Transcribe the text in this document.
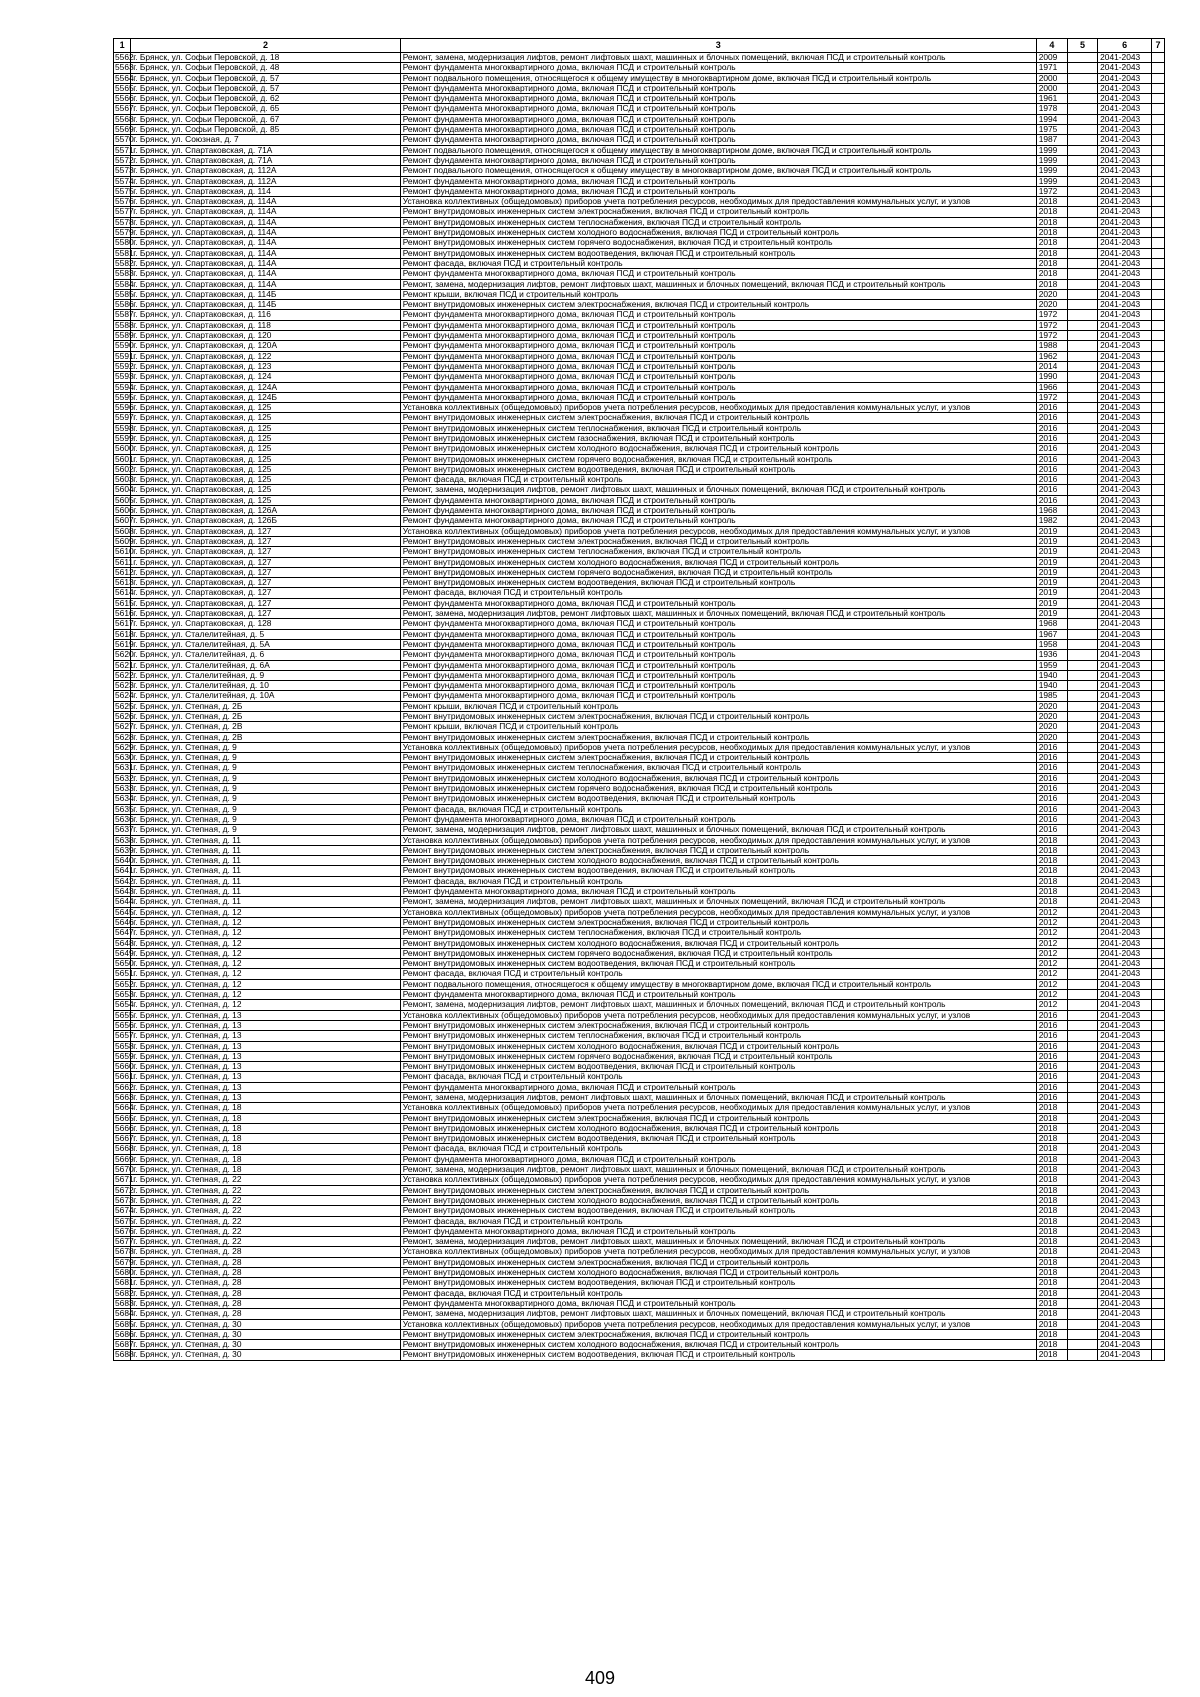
1	2	3	4	5	6	7
5562	г. Брянск, ул. Софьи Перовской, д. 18	Ремонт, замена, модернизация лифтов, ремонт лифтовых шахт, машинных и блочных помещений, включая ПСД и строительный контроль	2009		2041-2043	
5563	г. Брянск, ул. Софьи Перовской, д. 48	Ремонт фундамента многоквартирного дома, включая ПСД и строительный контроль	1971		2041-2043	
5564	г. Брянск, ул. Софьи Перовской, д. 57	Ремонт подвального помещения, относящегося к общему имуществу в многоквартирном доме, включая ПСД и строительный контроль	2000		2041-2043	
5565	г. Брянск, ул. Софьи Перовской, д. 57	Ремонт фундамента многоквартирного дома, включая ПСД и строительный контроль	2000		2041-2043	
5566	г. Брянск, ул. Софьи Перовской, д. 62	Ремонт фундамента многоквартирного дома, включая ПСД и строительный контроль	1961		2041-2043	
5567	г. Брянск, ул. Софьи Перовской, д. 65	Ремонт фундамента многоквартирного дома, включая ПСД и строительный контроль	1978		2041-2043	
5568	г. Брянск, ул. Софьи Перовской, д. 67	Ремонт фундамента многоквартирного дома, включая ПСД и строительный контроль	1994		2041-2043	
5569	г. Брянск, ул. Софьи Перовской, д. 85	Ремонт фундамента многоквартирного дома, включая ПСД и строительный контроль	1975		2041-2043	
5570	г. Брянск, ул. Союзная, д. 7	Ремонт фундамента многоквартирного дома, включая ПСД и строительный контроль	1987		2041-2043	
5571	г. Брянск, ул. Спартаковская, д. 71А	Ремонт подвального помещения, относящегося к общему имуществу в многоквартирном доме, включая ПСД и строительный контроль	1999		2041-2043	
5572	г. Брянск, ул. Спартаковская, д. 71А	Ремонт фундамента многоквартирного дома, включая ПСД и строительный контроль	1999		2041-2043	
5573	г. Брянск, ул. Спартаковская, д. 112А	Ремонт подвального помещения, относящегося к общему имуществу в многоквартирном доме, включая ПСД и строительный контроль	1999		2041-2043	
5574	г. Брянск, ул. Спартаковская, д. 112А	Ремонт фундамента многоквартирного дома, включая ПСД и строительный контроль	1999		2041-2043	
5575	г. Брянск, ул. Спартаковская, д. 114	Ремонт фундамента многоквартирного дома, включая ПСД и строительный контроль	1972		2041-2043	
5576	г. Брянск, ул. Спартаковская, д. 114А	Установка коллективных (общедомовых) приборов учета потребления ресурсов, необходимых для предоставления коммунальных услуг, и узлов	2018		2041-2043	
5577	г. Брянск, ул. Спартаковская, д. 114А	Ремонт внутридомовых инженерных систем электроснабжения, включая ПСД и строительный контроль	2018		2041-2043	
5578	г. Брянск, ул. Спартаковская, д. 114А	Ремонт внутридомовых инженерных систем теплоснабжения, включая ПСД и строительный контроль	2018		2041-2043	
5579	г. Брянск, ул. Спартаковская, д. 114А	Ремонт внутридомовых инженерных систем холодного водоснабжения, включая ПСД и строительный контроль	2018		2041-2043	
5580	г. Брянск, ул. Спартаковская, д. 114А	Ремонт внутридомовых инженерных систем горячего водоснабжения, включая ПСД и строительный контроль	2018		2041-2043	
5581	г. Брянск, ул. Спартаковская, д. 114А	Ремонт внутридомовых инженерных систем водоотведения, включая ПСД и строительный контроль	2018		2041-2043	
5582	г. Брянск, ул. Спартаковская, д. 114А	Ремонт фасада, включая ПСД и строительный контроль	2018		2041-2043	
5583	г. Брянск, ул. Спартаковская, д. 114А	Ремонт фундамента многоквартирного дома, включая ПСД и строительный контроль	2018		2041-2043	
5584	г. Брянск, ул. Спартаковская, д. 114А	Ремонт, замена, модернизация лифтов, ремонт лифтовых шахт, машинных и блочных помещений, включая ПСД и строительный контроль	2018		2041-2043	
5585	г. Брянск, ул. Спартаковская, д. 114Б	Ремонт крыши, включая ПСД и строительный контроль	2020		2041-2043	
5586	г. Брянск, ул. Спартаковская, д. 114Б	Ремонт внутридомовых инженерных систем электроснабжения, включая ПСД и строительный контроль	2020		2041-2043	
5587	г. Брянск, ул. Спартаковская, д. 116	Ремонт фундамента многоквартирного дома, включая ПСД и строительный контроль	1972		2041-2043	
5588	г. Брянск, ул. Спартаковская, д. 118	Ремонт фундамента многоквартирного дома, включая ПСД и строительный контроль	1972		2041-2043	
5589	г. Брянск, ул. Спартаковская, д. 120	Ремонт фундамента многоквартирного дома, включая ПСД и строительный контроль	1972		2041-2043	
5590	г. Брянск, ул. Спартаковская, д. 120А	Ремонт фундамента многоквартирного дома, включая ПСД и строительный контроль	1988		2041-2043	
5591	г. Брянск, ул. Спартаковская, д. 122	Ремонт фундамента многоквартирного дома, включая ПСД и строительный контроль	1962		2041-2043	
5592	г. Брянск, ул. Спартаковская, д. 123	Ремонт фундамента многоквартирного дома, включая ПСД и строительный контроль	2014		2041-2043	
5593	г. Брянск, ул. Спартаковская, д. 124	Ремонт фундамента многоквартирного дома, включая ПСД и строительный контроль	1990		2041-2043	
5594	г. Брянск, ул. Спартаковская, д. 124А	Ремонт фундамента многоквартирного дома, включая ПСД и строительный контроль	1966		2041-2043	
5595	г. Брянск, ул. Спартаковская, д. 124Б	Ремонт фундамента многоквартирного дома, включая ПСД и строительный контроль	1972		2041-2043	
5596	г. Брянск, ул. Спартаковская, д. 125	Установка коллективных (общедомовых) приборов учета потребления ресурсов, необходимых для предоставления коммунальных услуг, и узлов	2016		2041-2043	
5597	г. Брянск, ул. Спартаковская, д. 125	Ремонт внутридомовых инженерных систем электроснабжения, включая ПСД и строительный контроль	2016		2041-2043	
5598	г. Брянск, ул. Спартаковская, д. 125	Ремонт внутридомовых инженерных систем теплоснабжения, включая ПСД и строительный контроль	2016		2041-2043	
5599	г. Брянск, ул. Спартаковская, д. 125	Ремонт внутридомовых инженерных систем газоснабжения, включая ПСД и строительный контроль	2016		2041-2043	
5600	г. Брянск, ул. Спартаковская, д. 125	Ремонт внутридомовых инженерных систем холодного водоснабжения, включая ПСД и строительный контроль	2016		2041-2043	
5601	г. Брянск, ул. Спартаковская, д. 125	Ремонт внутридомовых инженерных систем горячего водоснабжения, включая ПСД и строительный контроль	2016		2041-2043	
5602	г. Брянск, ул. Спартаковская, д. 125	Ремонт внутридомовых инженерных систем водоотведения, включая ПСД и строительный контроль	2016		2041-2043	
5603	г. Брянск, ул. Спартаковская, д. 125	Ремонт фасада, включая ПСД и строительный контроль	2016		2041-2043	
5604	г. Брянск, ул. Спартаковская, д. 125	Ремонт, замена, модернизация лифтов, ремонт лифтовых шахт, машинных и блочных помещений, включая ПСД и строительный контроль	2016		2041-2043	
5605	г. Брянск, ул. Спартаковская, д. 125	Ремонт фундамента многоквартирного дома, включая ПСД и строительный контроль	2016		2041-2043	
5606	г. Брянск, ул. Спартаковская, д. 126А	Ремонт фундамента многоквартирного дома, включая ПСД и строительный контроль	1968		2041-2043	
5607	г. Брянск, ул. Спартаковская, д. 126Б	Ремонт фундамента многоквартирного дома, включая ПСД и строительный контроль	1982		2041-2043	
5608	г. Брянск, ул. Спартаковская, д. 127	Установка коллективных (общедомовых) приборов учета потребления ресурсов, необходимых для предоставления коммунальных услуг, и узлов	2019		2041-2043	
5609	г. Брянск, ул. Спартаковская, д. 127	Ремонт внутридомовых инженерных систем электроснабжения, включая ПСД и строительный контроль	2019		2041-2043	
5610	г. Брянск, ул. Спартаковская, д. 127	Ремонт внутридомовых инженерных систем теплоснабжения, включая ПСД и строительный контроль	2019		2041-2043	
5611	г. Брянск, ул. Спартаковская, д. 127	Ремонт внутридомовых инженерных систем холодного водоснабжения, включая ПСД и строительный контроль	2019		2041-2043	
5612	г. Брянск, ул. Спартаковская, д. 127	Ремонт внутридомовых инженерных систем горячего водоснабжения, включая ПСД и строительный контроль	2019		2041-2043	
5613	г. Брянск, ул. Спартаковская, д. 127	Ремонт внутридомовых инженерных систем водоотведения, включая ПСД и строительный контроль	2019		2041-2043	
5614	г. Брянск, ул. Спартаковская, д. 127	Ремонт фасада, включая ПСД и строительный контроль	2019		2041-2043	
5615	г. Брянск, ул. Спартаковская, д. 127	Ремонт фундамента многоквартирного дома, включая ПСД и строительный контроль	2019		2041-2043	
5616	г. Брянск, ул. Спартаковская, д. 127	Ремонт, замена, модернизация лифтов, ремонт лифтовых шахт, машинных и блочных помещений, включая ПСД и строительный контроль	2019		2041-2043	
5617	г. Брянск, ул. Спартаковская, д. 128	Ремонт фундамента многоквартирного дома, включая ПСД и строительный контроль	1968		2041-2043	
5618	г. Брянск, ул. Сталелитейная, д. 5	Ремонт фундамента многоквартирного дома, включая ПСД и строительный контроль	1967		2041-2043	
5619	г. Брянск, ул. Сталелитейная, д. 5А	Ремонт фундамента многоквартирного дома, включая ПСД и строительный контроль	1958		2041-2043	
5620	г. Брянск, ул. Сталелитейная, д. 6	Ремонт фундамента многоквартирного дома, включая ПСД и строительный контроль	1936		2041-2043	
5621	г. Брянск, ул. Сталелитейная, д. 6А	Ремонт фундамента многоквартирного дома, включая ПСД и строительный контроль	1959		2041-2043	
5622	г. Брянск, ул. Сталелитейная, д. 9	Ремонт фундамента многоквартирного дома, включая ПСД и строительный контроль	1940		2041-2043	
5623	г. Брянск, ул. Сталелитейная, д. 10	Ремонт фундамента многоквартирного дома, включая ПСД и строительный контроль	1940		2041-2043	
5624	г. Брянск, ул. Сталелитейная, д. 10А	Ремонт фундамента многоквартирного дома, включая ПСД и строительный контроль	1985		2041-2043	
5625	г. Брянск, ул. Степная, д. 2Б	Ремонт крыши, включая ПСД и строительный контроль	2020		2041-2043	
5626	г. Брянск, ул. Степная, д. 2Б	Ремонт внутридомовых инженерных систем электроснабжения, включая ПСД и строительный контроль	2020		2041-2043	
5627	г. Брянск, ул. Степная, д. 2В	Ремонт крыши, включая ПСД и строительный контроль	2020		2041-2043	
5628	г. Брянск, ул. Степная, д. 2В	Ремонт внутридомовых инженерных систем электроснабжения, включая ПСД и строительный контроль	2020		2041-2043	
5629	г. Брянск, ул. Степная, д. 9	Установка коллективных (общедомовых) приборов учета потребления ресурсов, необходимых для предоставления коммунальных услуг, и узлов	2016		2041-2043	
5630	г. Брянск, ул. Степная, д. 9	Ремонт внутридомовых инженерных систем электроснабжения, включая ПСД и строительный контроль	2016		2041-2043	
5631	г. Брянск, ул. Степная, д. 9	Ремонт внутридомовых инженерных систем теплоснабжения, включая ПСД и строительный контроль	2016		2041-2043	
5632	г. Брянск, ул. Степная, д. 9	Ремонт внутридомовых инженерных систем холодного водоснабжения, включая ПСД и строительный контроль	2016		2041-2043	
5633	г. Брянск, ул. Степная, д. 9	Ремонт внутридомовых инженерных систем горячего водоснабжения, включая ПСД и строительный контроль	2016		2041-2043	
5634	г. Брянск, ул. Степная, д. 9	Ремонт внутридомовых инженерных систем водоотведения, включая ПСД и строительный контроль	2016		2041-2043	
5635	г. Брянск, ул. Степная, д. 9	Ремонт фасада, включая ПСД и строительный контроль	2016		2041-2043	
5636	г. Брянск, ул. Степная, д. 9	Ремонт фундамента многоквартирного дома, включая ПСД и строительный контроль	2016		2041-2043	
5637	г. Брянск, ул. Степная, д. 9	Ремонт, замена, модернизация лифтов, ремонт лифтовых шахт, машинных и блочных помещений, включая ПСД и строительный контроль	2016		2041-2043	
5638	г. Брянск, ул. Степная, д. 11	Установка коллективных (общедомовых) приборов учета потребления ресурсов, необходимых для предоставления коммунальных услуг, и узлов	2018		2041-2043	
5639	г. Брянск, ул. Степная, д. 11	Ремонт внутридомовых инженерных систем электроснабжения, включая ПСД и строительный контроль	2018		2041-2043	
5640	г. Брянск, ул. Степная, д. 11	Ремонт внутридомовых инженерных систем холодного водоснабжения, включая ПСД и строительный контроль	2018		2041-2043	
5641	г. Брянск, ул. Степная, д. 11	Ремонт внутридомовых инженерных систем водоотведения, включая ПСД и строительный контроль	2018		2041-2043	
5642	г. Брянск, ул. Степная, д. 11	Ремонт фасада, включая ПСД и строительный контроль	2018		2041-2043	
5643	г. Брянск, ул. Степная, д. 11	Ремонт фундамента многоквартирного дома, включая ПСД и строительный контроль	2018		2041-2043	
5644	г. Брянск, ул. Степная, д. 11	Ремонт, замена, модернизация лифтов, ремонт лифтовых шахт, машинных и блочных помещений, включая ПСД и строительный контроль	2018		2041-2043	
5645	г. Брянск, ул. Степная, д. 12	Установка коллективных (общедомовых) приборов учета потребления ресурсов, необходимых для предоставления коммунальных услуг, и узлов	2012		2041-2043	
5646	г. Брянск, ул. Степная, д. 12	Ремонт внутридомовых инженерных систем электроснабжения, включая ПСД и строительный контроль	2012		2041-2043	
5647	г. Брянск, ул. Степная, д. 12	Ремонт внутридомовых инженерных систем теплоснабжения, включая ПСД и строительный контроль	2012		2041-2043	
5648	г. Брянск, ул. Степная, д. 12	Ремонт внутридомовых инженерных систем холодного водоснабжения, включая ПСД и строительный контроль	2012		2041-2043	
5649	г. Брянск, ул. Степная, д. 12	Ремонт внутридомовых инженерных систем горячего водоснабжения, включая ПСД и строительный контроль	2012		2041-2043	
5650	г. Брянск, ул. Степная, д. 12	Ремонт внутридомовых инженерных систем водоотведения, включая ПСД и строительный контроль	2012		2041-2043	
5651	г. Брянск, ул. Степная, д. 12	Ремонт фасада, включая ПСД и строительный контроль	2012		2041-2043	
5652	г. Брянск, ул. Степная, д. 12	Ремонт подвального помещения, относящегося к общему имуществу в многоквартирном доме, включая ПСД и строительный контроль	2012		2041-2043	
5653	г. Брянск, ул. Степная, д. 12	Ремонт фундамента многоквартирного дома, включая ПСД и строительный контроль	2012		2041-2043	
5654	г. Брянск, ул. Степная, д. 12	Ремонт, замена, модернизация лифтов, ремонт лифтовых шахт, машинных и блочных помещений, включая ПСД и строительный контроль	2012		2041-2043	
5655	г. Брянск, ул. Степная, д. 13	Установка коллективных (общедомовых) приборов учета потребления ресурсов, необходимых для предоставления коммунальных услуг, и узлов	2016		2041-2043	
5656	г. Брянск, ул. Степная, д. 13	Ремонт внутридомовых инженерных систем электроснабжения, включая ПСД и строительный контроль	2016		2041-2043	
5657	г. Брянск, ул. Степная, д. 13	Ремонт внутридомовых инженерных систем теплоснабжения, включая ПСД и строительный контроль	2016		2041-2043	
5658	г. Брянск, ул. Степная, д. 13	Ремонт внутридомовых инженерных систем холодного водоснабжения, включая ПСД и строительный контроль	2016		2041-2043	
5659	г. Брянск, ул. Степная, д. 13	Ремонт внутридомовых инженерных систем горячего водоснабжения, включая ПСД и строительный контроль	2016		2041-2043	
5660	г. Брянск, ул. Степная, д. 13	Ремонт внутридомовых инженерных систем водоотведения, включая ПСД и строительный контроль	2016		2041-2043	
5661	г. Брянск, ул. Степная, д. 13	Ремонт фасада, включая ПСД и строительный контроль	2016		2041-2043	
5662	г. Брянск, ул. Степная, д. 13	Ремонт фундамента многоквартирного дома, включая ПСД и строительный контроль	2016		2041-2043	
5663	г. Брянск, ул. Степная, д. 13	Ремонт, замена, модернизация лифтов, ремонт лифтовых шахт, машинных и блочных помещений, включая ПСД и строительный контроль	2016		2041-2043	
5664	г. Брянск, ул. Степная, д. 18	Установка коллективных (общедомовых) приборов учета потребления ресурсов, необходимых для предоставления коммунальных услуг, и узлов	2018		2041-2043	
5665	г. Брянск, ул. Степная, д. 18	Ремонт внутридомовых инженерных систем электроснабжения, включая ПСД и строительный контроль	2018		2041-2043	
5666	г. Брянск, ул. Степная, д. 18	Ремонт внутридомовых инженерных систем холодного водоснабжения, включая ПСД и строительный контроль	2018		2041-2043	
5667	г. Брянск, ул. Степная, д. 18	Ремонт внутридомовых инженерных систем водоотведения, включая ПСД и строительный контроль	2018		2041-2043	
5668	г. Брянск, ул. Степная, д. 18	Ремонт фасада, включая ПСД и строительный контроль	2018		2041-2043	
5669	г. Брянск, ул. Степная, д. 18	Ремонт фундамента многоквартирного дома, включая ПСД и строительный контроль	2018		2041-2043	
5670	г. Брянск, ул. Степная, д. 18	Ремонт, замена, модернизация лифтов, ремонт лифтовых шахт, машинных и блочных помещений, включая ПСД и строительный контроль	2018		2041-2043	
5671	г. Брянск, ул. Степная, д. 22	Установка коллективных (общедомовых) приборов учета потребления ресурсов, необходимых для предоставления коммунальных услуг, и узлов	2018		2041-2043	
5672	г. Брянск, ул. Степная, д. 22	Ремонт внутридомовых инженерных систем электроснабжения, включая ПСД и строительный контроль	2018		2041-2043	
5673	г. Брянск, ул. Степная, д. 22	Ремонт внутридомовых инженерных систем холодного водоснабжения, включая ПСД и строительный контроль	2018		2041-2043	
5674	г. Брянск, ул. Степная, д. 22	Ремонт внутридомовых инженерных систем водоотведения, включая ПСД и строительный контроль	2018		2041-2043	
5675	г. Брянск, ул. Степная, д. 22	Ремонт фасада, включая ПСД и строительный контроль	2018		2041-2043	
5676	г. Брянск, ул. Степная, д. 22	Ремонт фундамента многоквартирного дома, включая ПСД и строительный контроль	2018		2041-2043	
5677	г. Брянск, ул. Степная, д. 22	Ремонт, замена, модернизация лифтов, ремонт лифтовых шахт, машинных и блочных помещений, включая ПСД и строительный контроль	2018		2041-2043	
5678	г. Брянск, ул. Степная, д. 28	Установка коллективных (общедомовых) приборов учета потребления ресурсов, необходимых для предоставления коммунальных услуг, и узлов	2018		2041-2043	
5679	г. Брянск, ул. Степная, д. 28	Ремонт внутридомовых инженерных систем электроснабжения, включая ПСД и строительный контроль	2018		2041-2043	
5680	г. Брянск, ул. Степная, д. 28	Ремонт внутридомовых инженерных систем холодного водоснабжения, включая ПСД и строительный контроль	2018		2041-2043	
5681	г. Брянск, ул. Степная, д. 28	Ремонт внутридомовых инженерных систем водоотведения, включая ПСД и строительный контроль	2018		2041-2043	
5682	г. Брянск, ул. Степная, д. 28	Ремонт фасада, включая ПСД и строительный контроль	2018		2041-2043	
5683	г. Брянск, ул. Степная, д. 28	Ремонт фундамента многоквартирного дома, включая ПСД и строительный контроль	2018		2041-2043	
5684	г. Брянск, ул. Степная, д. 28	Ремонт, замена, модернизация лифтов, ремонт лифтовых шахт, машинных и блочных помещений, включая ПСД и строительный контроль	2018		2041-2043	
5685	г. Брянск, ул. Степная, д. 30	Установка коллективных (общедомовых) приборов учета потребления ресурсов, необходимых для предоставления коммунальных услуг, и узлов	2018		2041-2043	
5686	г. Брянск, ул. Степная, д. 30	Ремонт внутридомовых инженерных систем электроснабжения, включая ПСД и строительный контроль	2018		2041-2043	
5687	г. Брянск, ул. Степная, д. 30	Ремонт внутридомовых инженерных систем холодного водоснабжения, включая ПСД и строительный контроль	2018		2041-2043	
5688	г. Брянск, ул. Степная, д. 30	Ремонт внутридомовых инженерных систем водоотведения, включая ПСД и строительный контроль	2018		2041-2043	
409
